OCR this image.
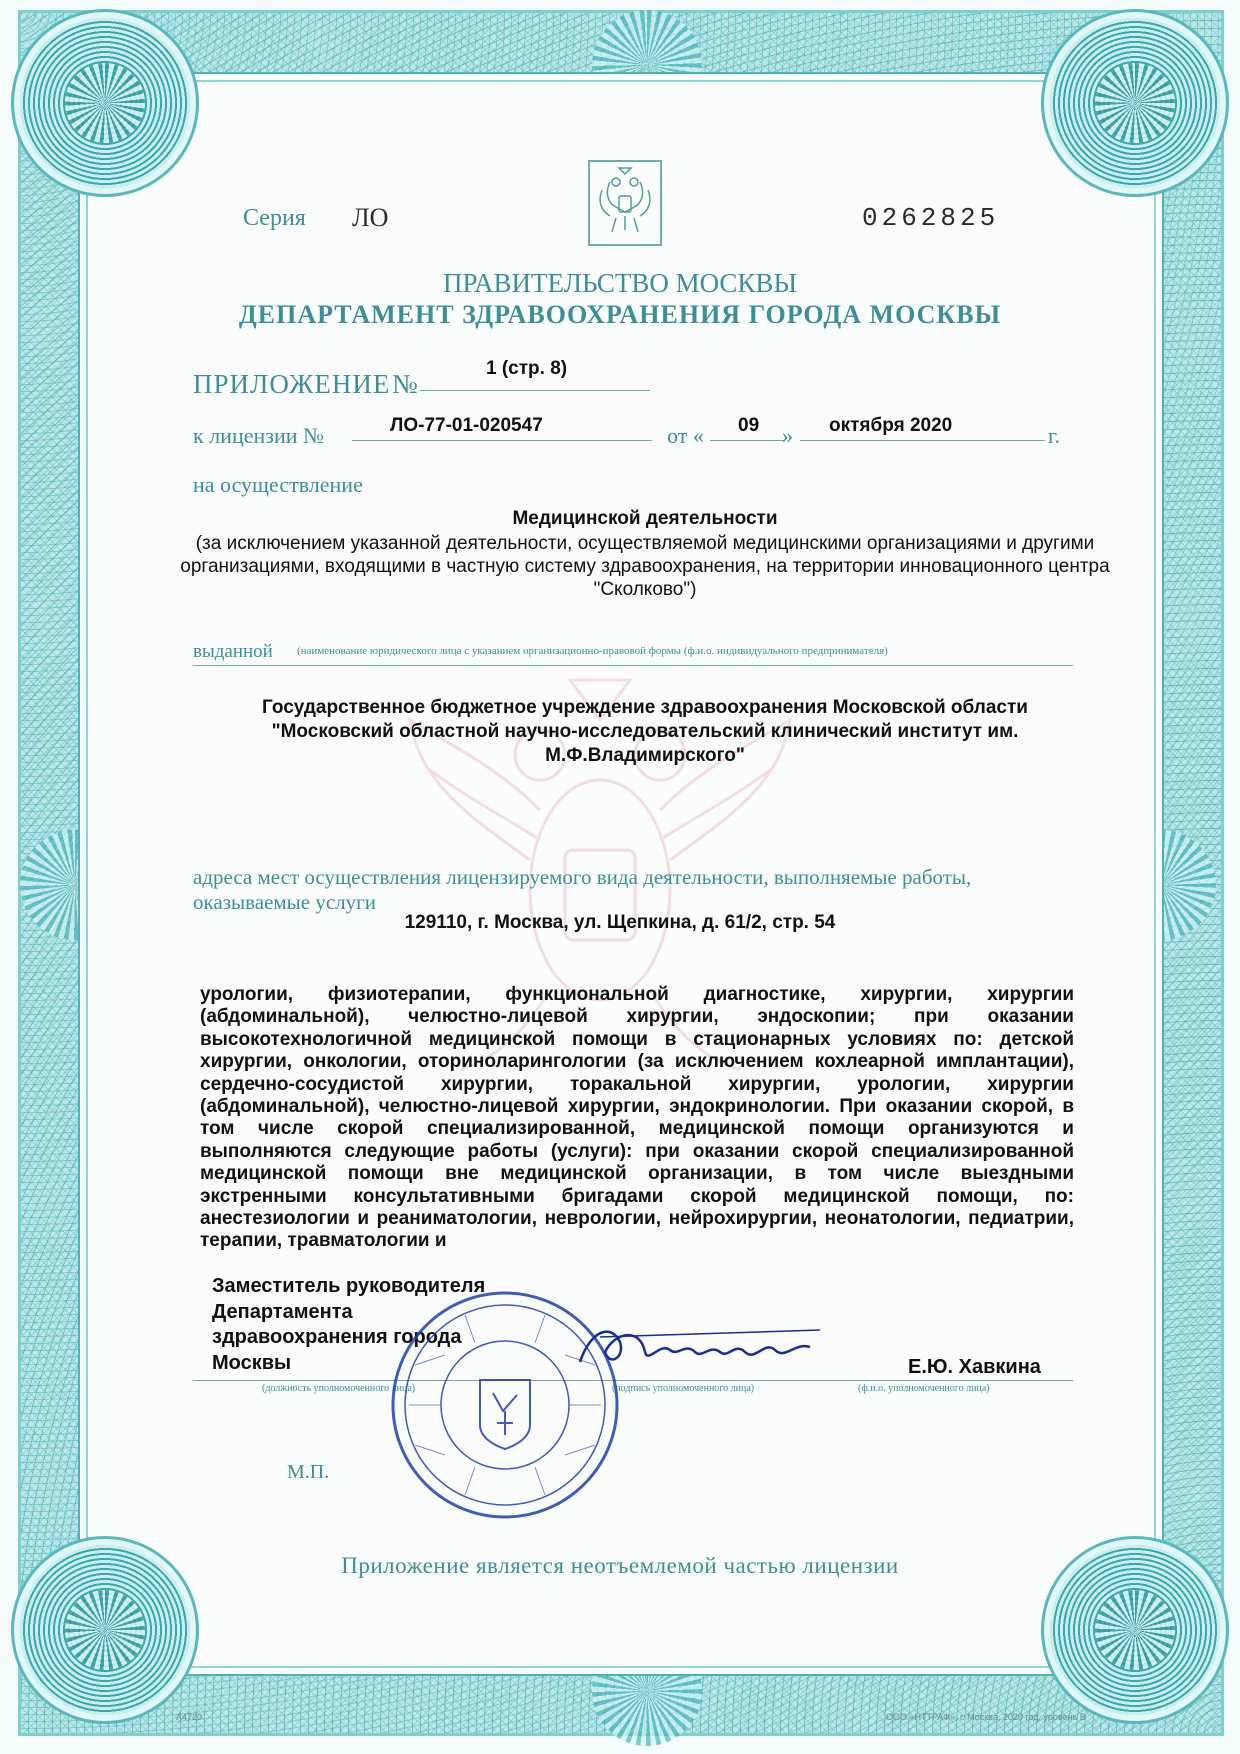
Серия ЛО	0262825
ПРАВИТЕЛЬСТВО МОСКВЫ
ДЕПАРТАМЕНТ ЗДРАВООХРАНЕНИЯ ГОРОДА МОСКВЫ
ПРИЛОЖЕНИЕ №
1 (стр. 8)
к лицензии №	ЛО-77-01-020547	от « 09 » октября 2020	г.
на осуществление
Медицинской деятельности
(за исключением указанной деятельности, осуществляемой медицинскими организациями и другими организациями, входящими в частную систему здравоохранения, на территории инновационного центра "Сколково")
выданной (наименование юридического лица с указанием организационно-правовой формы (ф.и.о. индивидуального предпринимателя)
Государственное бюджетное учреждение здравоохранения Московской области
"Московский областной научно-исследовательский клинический институт им.
М.Ф.Владимирского"
адреса мест осуществления лицензируемого вида деятельности, выполняемые работы, оказываемые услуги
129110, г. Москва, ул. Щепкина, д. 61/2, стр. 54
урологии, физиотерапии, функциональной диагностике, хирургии, хирургии (абдоминальной), челюстно-лицевой хирургии, эндоскопии; при оказании высокотехнологичной медицинской помощи в стационарных условиях по: детской хирургии, онкологии, оториноларингологии (за исключением кохлеарной имплантации), сердечно-сосудистой хирургии, торакальной хирургии, урологии, хирургии (абдоминальной), челюстно-лицевой хирургии, эндокринологии. При оказании скорой, в том числе скорой специализированной, медицинской помощи организуются и выполняются следующие работы (услуги): при оказании скорой специализированной медицинской помощи вне медицинской организации, в том числе выездными экстренными консультативными бригадами скорой медицинской помощи, по: анестезиологии и реаниматологии, неврологии, нейрохирургии, неонатологии, педиатрии, терапии, травматологии и
Заместитель руководителя
Департамента
здравоохранения города
Москвы	Е.Ю. Хавкина
(должность уполномоченного лица)	(подпись уполномоченного лица)	(ф.и.о. уполномоченного лица)
М.П.
Приложение является неотъемлемой частью лицензии
А4720	ООО «НТТРАФ», г. Москва, 2020 год, уровень В
